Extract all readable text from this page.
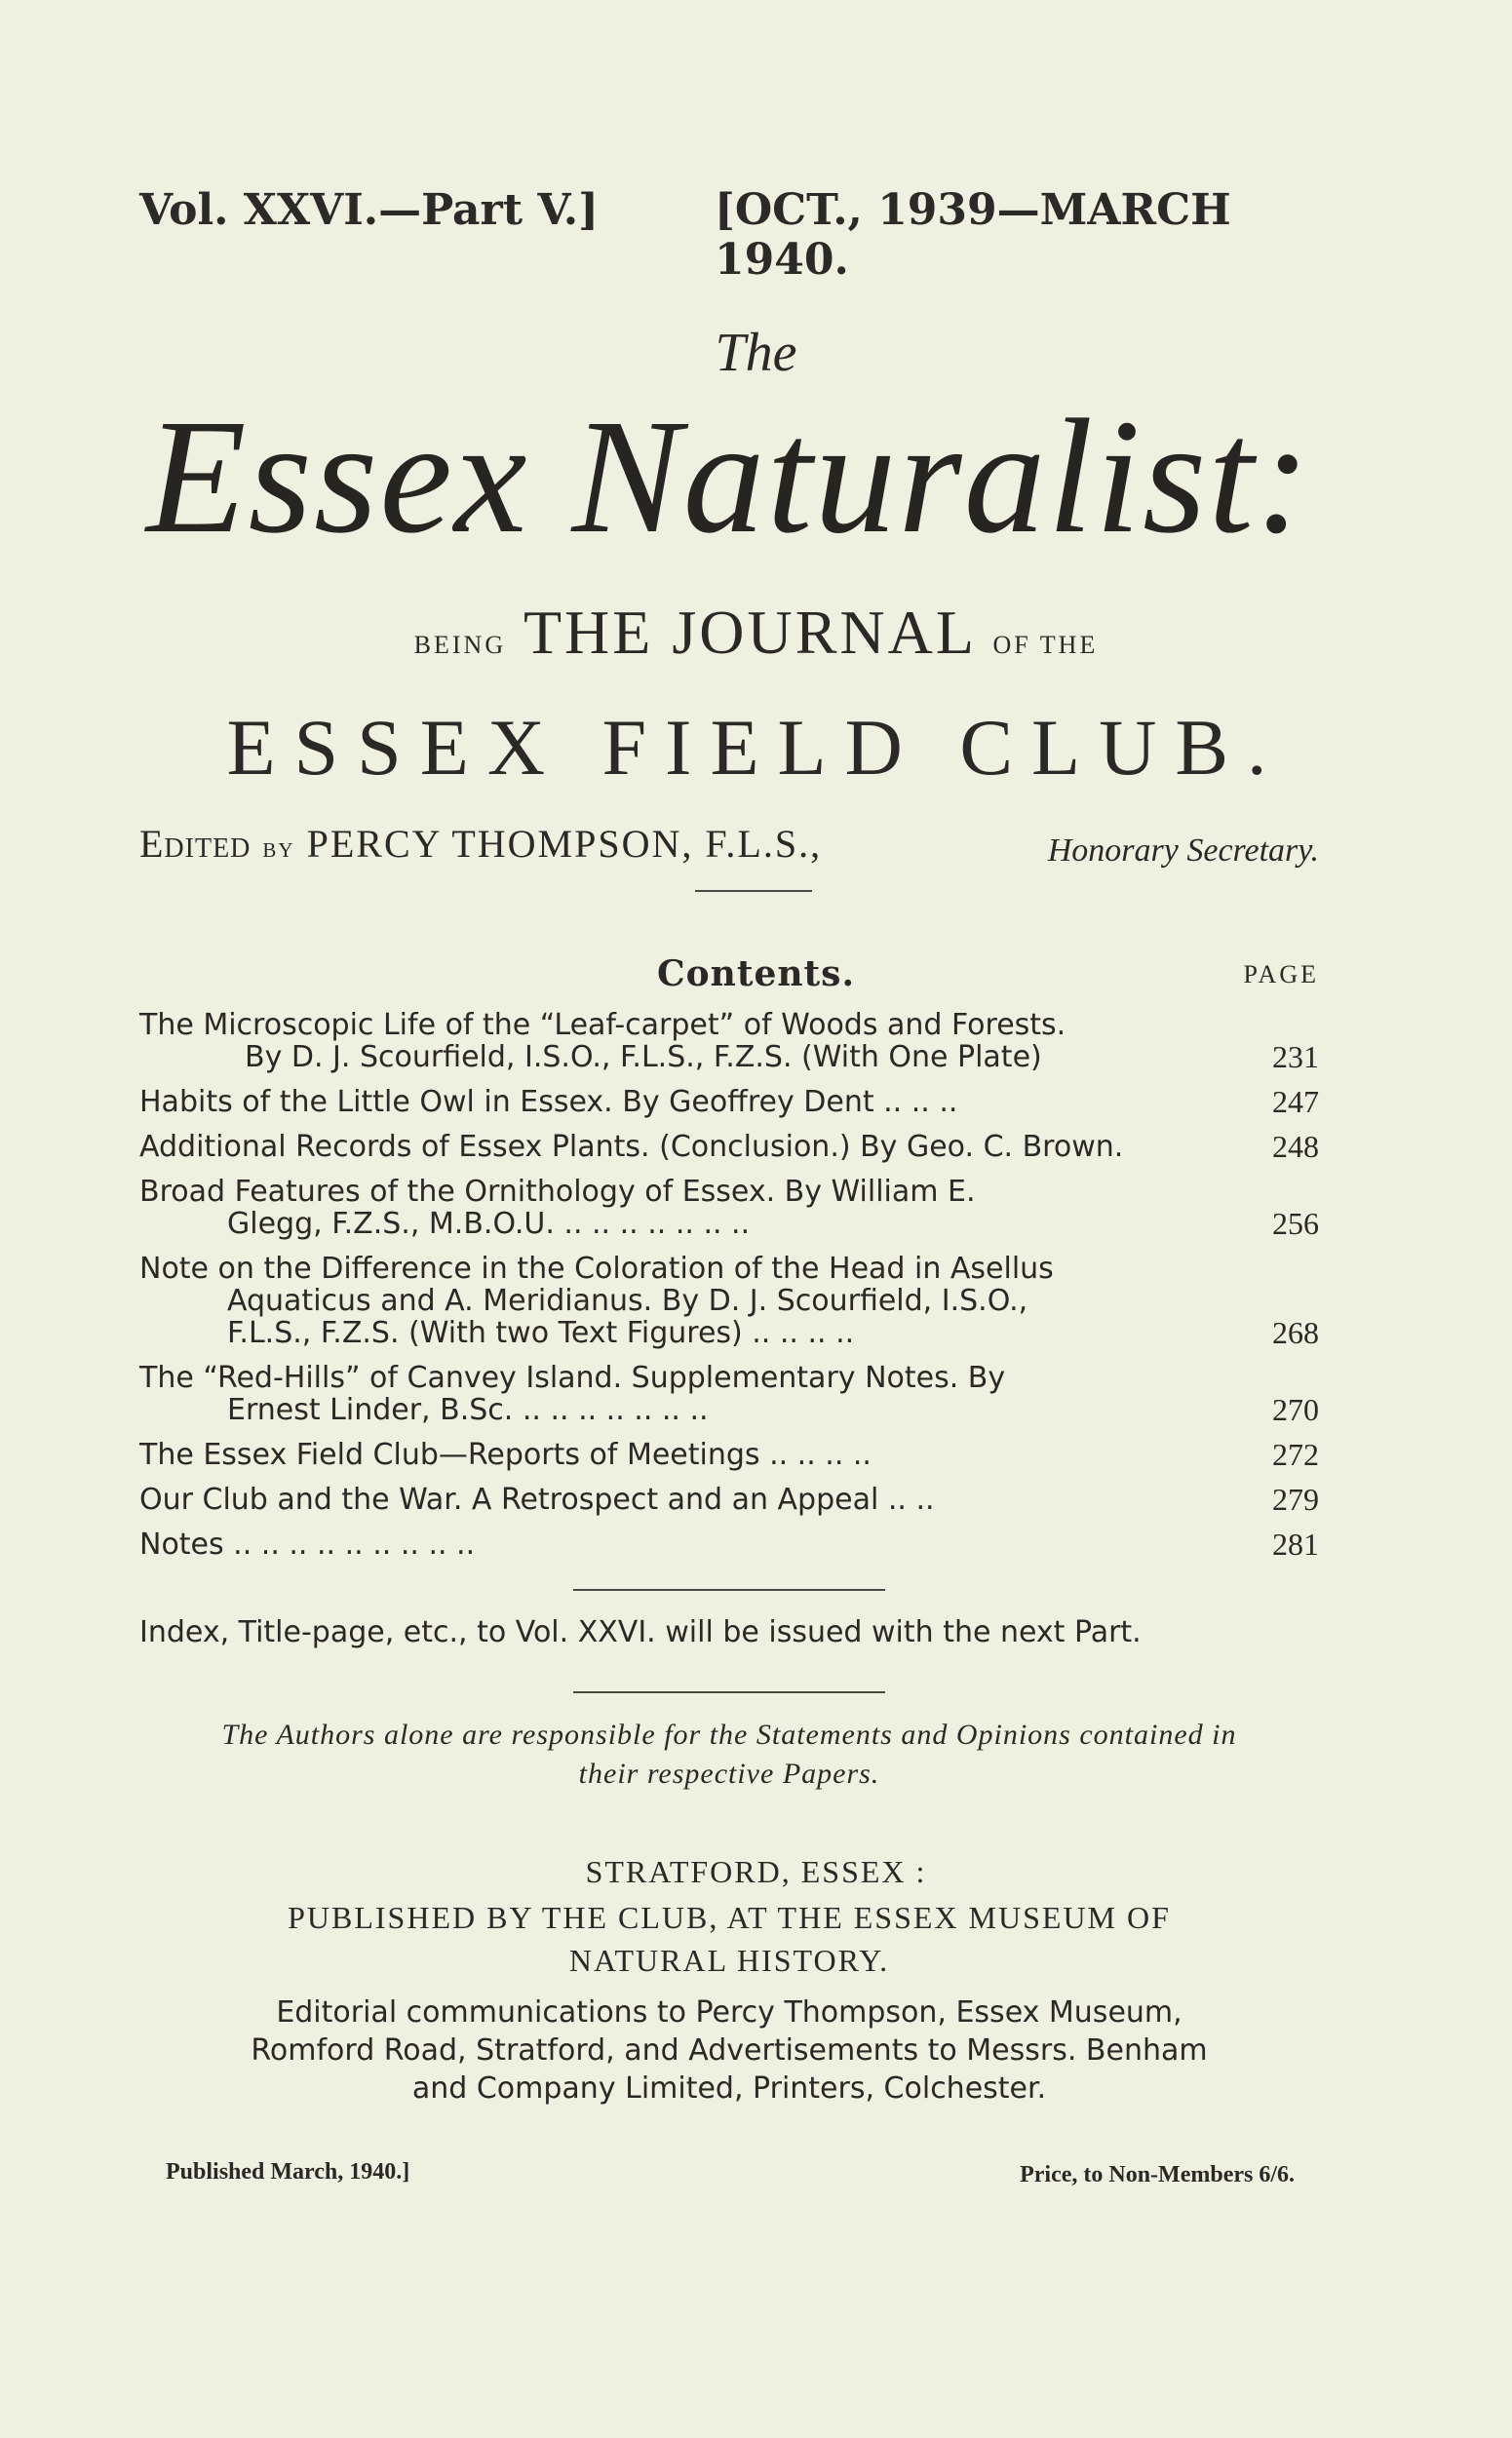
Vol. XXVI.—Part V.]	[OCT., 1939—MARCH 1940.
The
Essex Naturalist:
BEING THE JOURNAL OF THE
ESSEX FIELD CLUB.
Edited by PERCY THOMPSON, F.L.S.,	Honorary Secretary.
Contents.	PAGE
The Microscopic Life of the “Leaf-carpet” of Woods and Forests.
By D. J. Scourfield, I.S.O., F.L.S., F.Z.S. (With One Plate)	231
Habits of the Little Owl in Essex. By Geoffrey Dent .. .. ..	247
Additional Records of Essex Plants. (Conclusion.) By Geo. C. Brown.	248
Broad Features of the Ornithology of Essex. By William E.
Glegg, F.Z.S., M.B.O.U. .. .. .. .. .. .. ..	256
Note on the Difference in the Coloration of the Head in Asellus
Aquaticus and A. Meridianus. By D. J. Scourfield, I.S.O.,
F.L.S., F.Z.S. (With two Text Figures) .. .. .. ..	268
The “Red-Hills” of Canvey Island. Supplementary Notes. By
Ernest Linder, B.Sc. .. .. .. .. .. .. ..	270
The Essex Field Club—Reports of Meetings .. .. .. ..	272
Our Club and the War. A Retrospect and an Appeal .. ..	279
Notes .. .. .. .. .. .. .. .. ..	281
Index, Title-page, etc., to Vol. XXVI. will be issued with the next Part.
The Authors alone are responsible for the Statements and Opinions contained in
their respective Papers.
STRATFORD, ESSEX :
PUBLISHED BY THE CLUB, AT THE ESSEX MUSEUM OF
NATURAL HISTORY.
Editorial communications to Percy Thompson, Essex Museum,
Romford Road, Stratford, and Advertisements to Messrs. Benham
and Company Limited, Printers, Colchester.
Published March, 1940.]	Price, to Non-Members 6/6.
